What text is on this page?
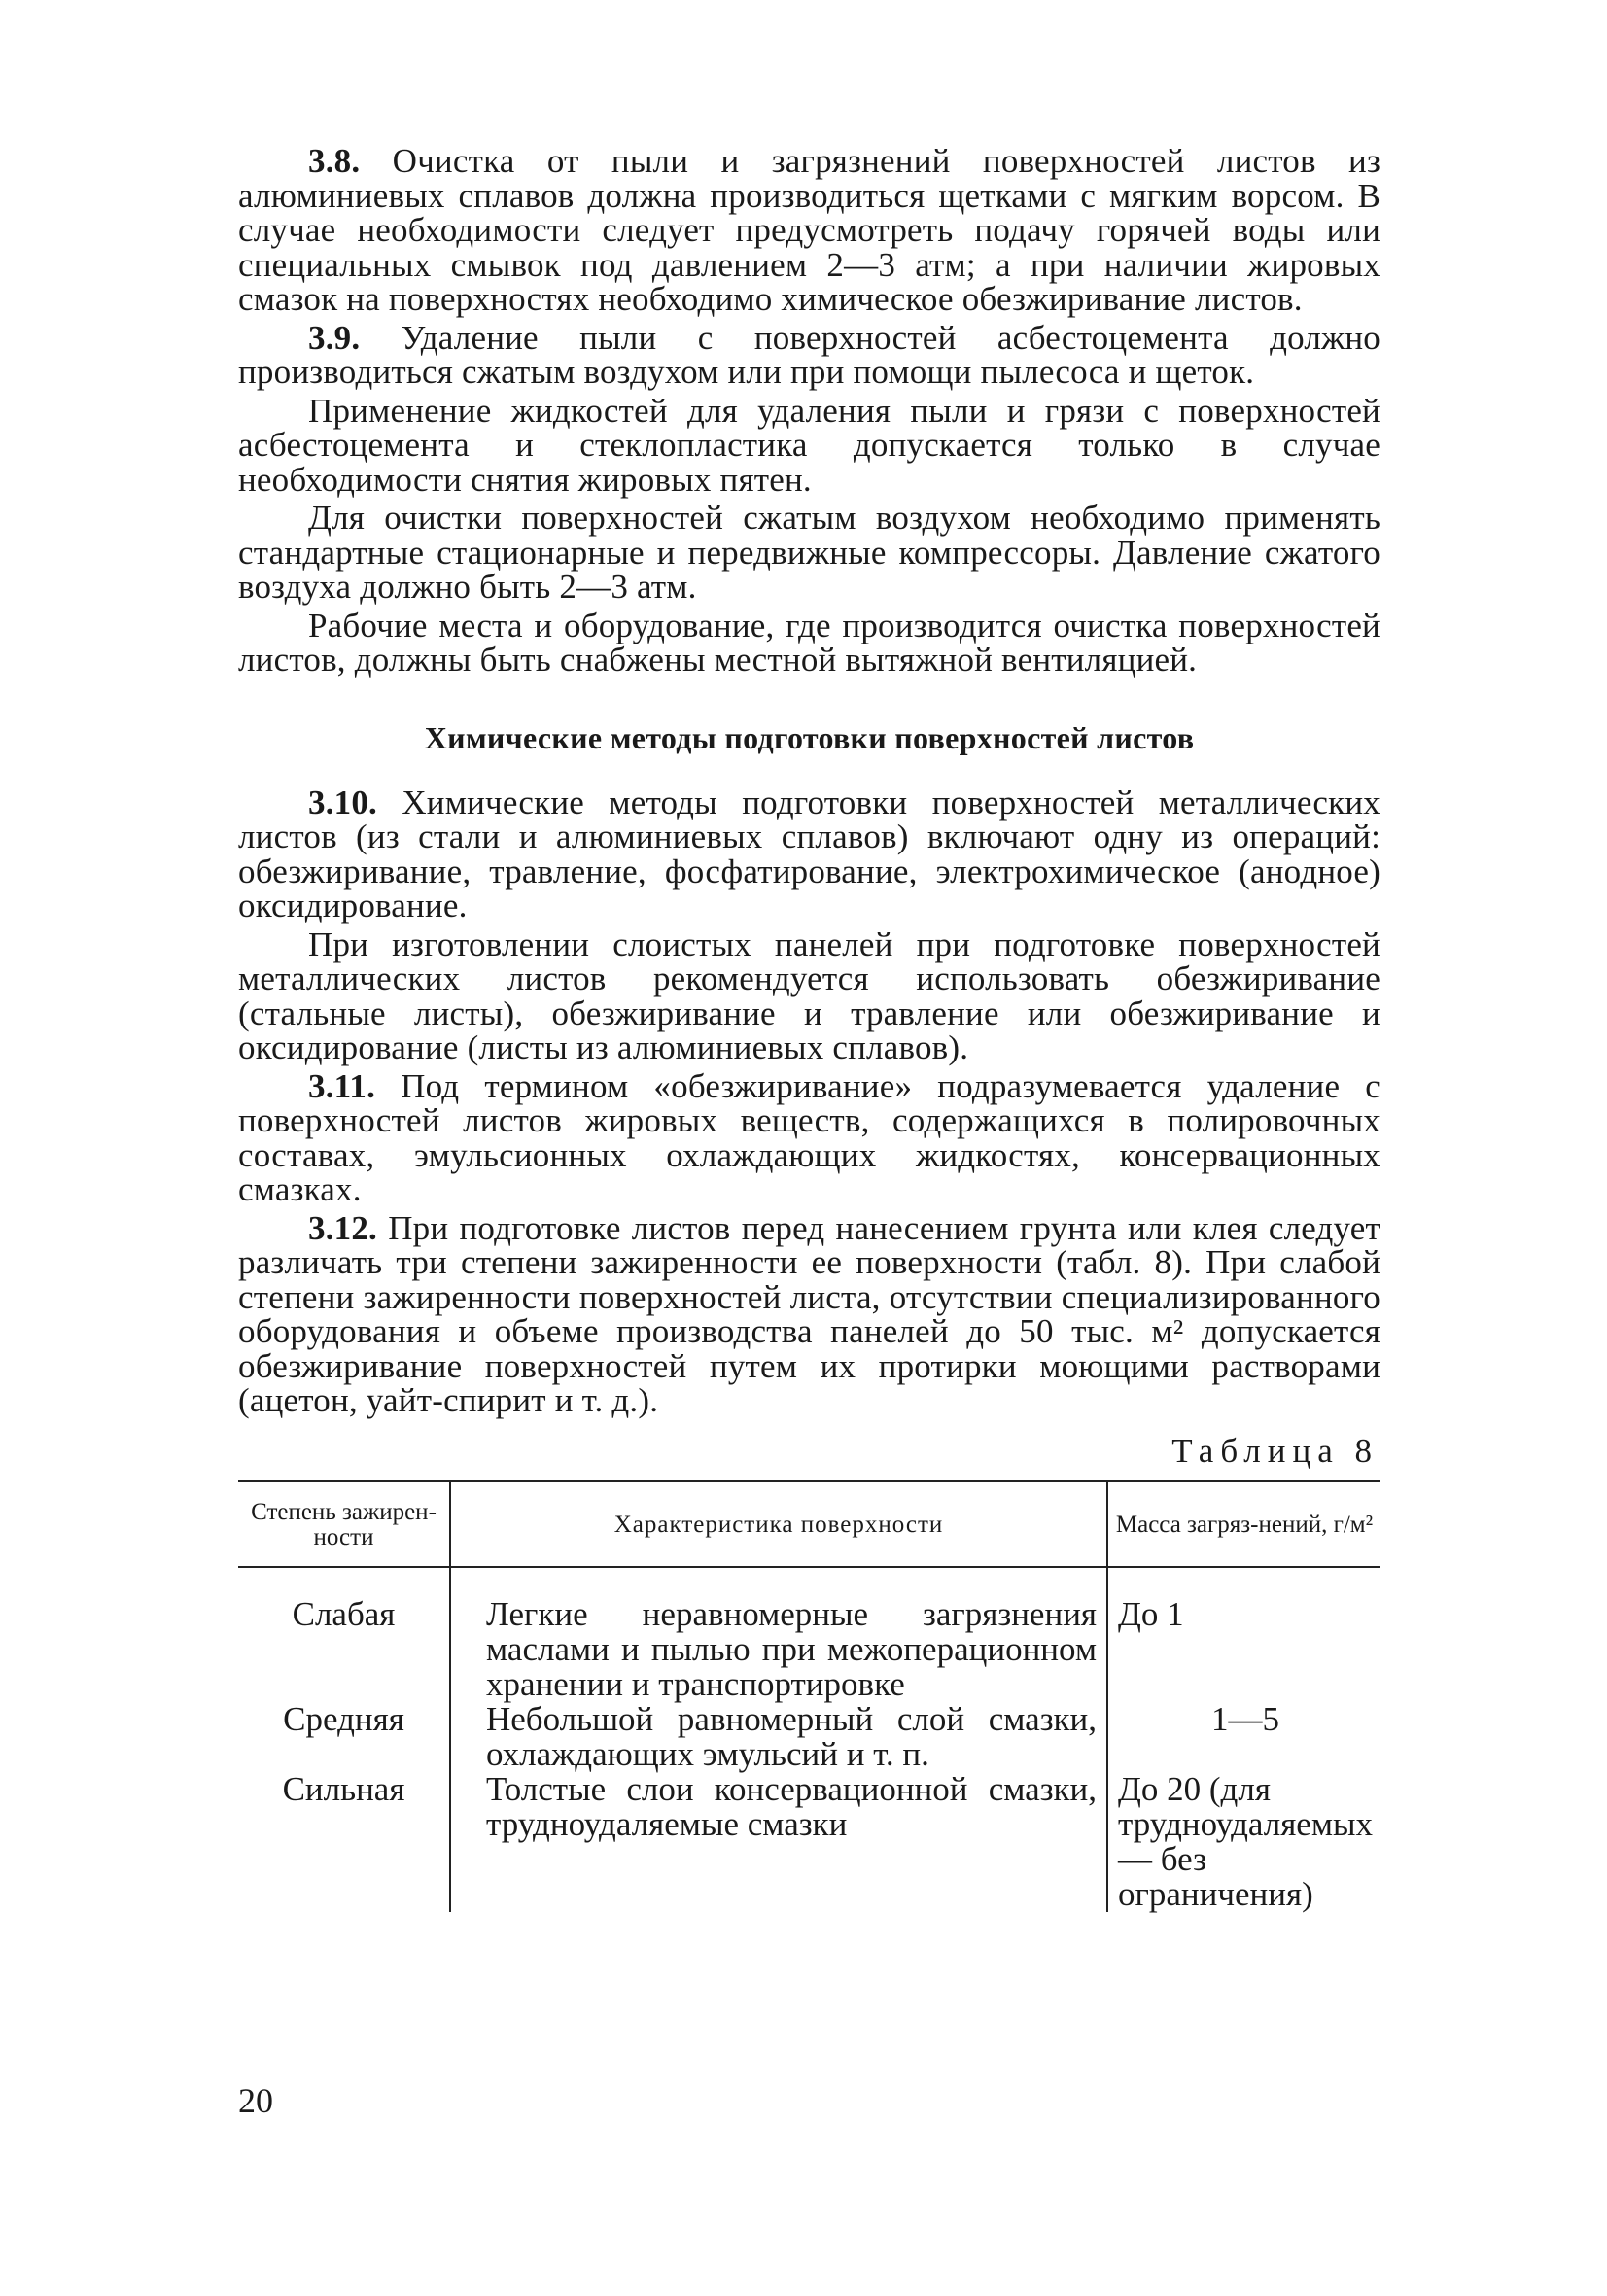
3.8. Очистка от пыли и загрязнений поверхностей листов из алюминиевых сплавов должна производиться щетками с мягким ворсом. В случае необходимости следует предусмотреть подачу горячей воды или специальных смывок под давлением 2—3 атм; а при наличии жировых смазок на поверхностях необходимо химическое обезжиривание листов.

3.9. Удаление пыли с поверхностей асбестоцемента должно производиться сжатым воздухом или при помощи пылесоса и щеток.

Применение жидкостей для удаления пыли и грязи с поверхностей асбестоцемента и стеклопластика допускается только в случае необходимости снятия жировых пятен.

Для очистки поверхностей сжатым воздухом необходимо применять стандартные стационарные и передвижные компрессоры. Давление сжатого воздуха должно быть 2—3 атм.

Рабочие места и оборудование, где производится очистка поверхностей листов, должны быть снабжены местной вытяжной вентиляцией.

Химические методы подготовки поверхностей листов

3.10. Химические методы подготовки поверхностей металлических листов (из стали и алюминиевых сплавов) включают одну из операций: обезжиривание, травление, фосфатирование, электрохимическое (анодное) оксидирование.

При изготовлении слоистых панелей при подготовке поверхностей металлических листов рекомендуется использовать обезжиривание (стальные листы), обезжиривание и травление или обезжиривание и оксидирование (листы из алюминиевых сплавов).

3.11. Под термином «обезжиривание» подразумевается удаление с поверхностей листов жировых веществ, содержащихся в полировочных составах, эмульсионных охлаждающих жидкостях, консервационных смазках.

3.12. При подготовке листов перед нанесением грунта или клея следует различать три степени зажиренности ее поверхности (табл. 8). При слабой степени зажиренности поверхностей листа, отсутствии специализированного оборудования и объеме производства панелей до 50 тыс. м² допускается обезжиривание поверхностей путем их протирки моющими растворами (ацетон, уайт-спирит и т. д.).

Таблица 8
Степень зажирен-ности	Характеристика поверхности	Масса загряз-нений, г/м²

Слабая	Легкие неравномерные загрязнения маслами и пылью при межоперационном хранении и транспортировке	До 1
Средняя	Небольшой равномерный слой смазки, охлаждающих эмульсий и т. п.	1—5
Сильная	Толстые слои консервационной смазки, трудноудаляемые смазки	До 20 (для трудноудаляемых — без ограничения)
20
